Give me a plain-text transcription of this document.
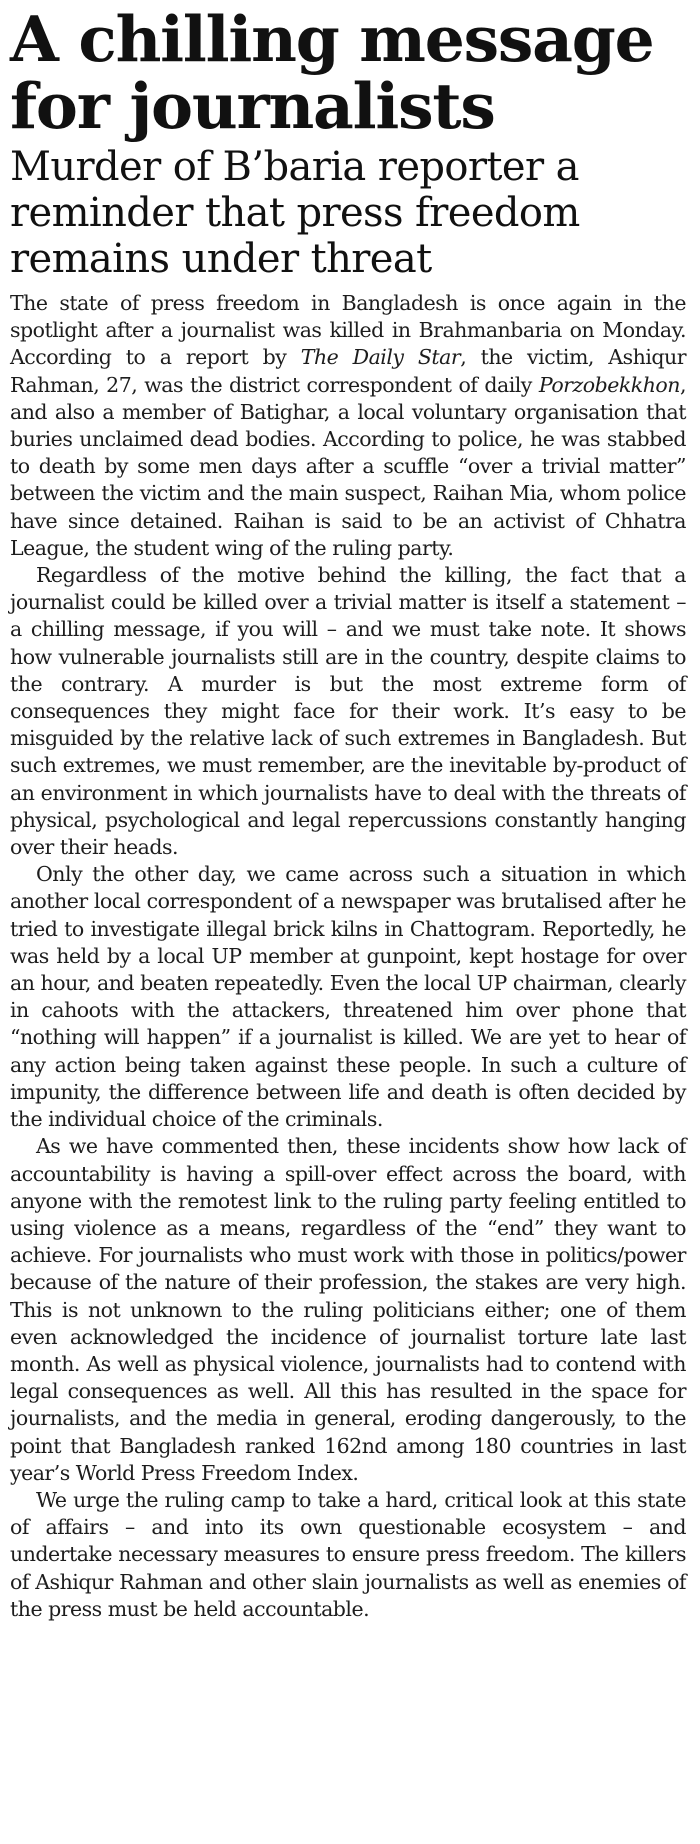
A chilling message for journalists
Murder of B’baria reporter a reminder that press freedom remains under threat

The state of press freedom in Bangladesh is once again in the spotlight after a journalist was killed in Brahmanbaria on Monday. According to a report by The Daily Star, the victim, Ashiqur Rahman, 27, was the district correspondent of daily Porzobekkhon, and also a member of Batighar, a local voluntary organisation that buries unclaimed dead bodies. According to police, he was stabbed to death by some men days after a scuffle “over a trivial matter” between the victim and the main suspect, Raihan Mia, whom police have since detained. Raihan is said to be an activist of Chhatra League, the student wing of the ruling party.

Regardless of the motive behind the killing, the fact that a journalist could be killed over a trivial matter is itself a statement – a chilling message, if you will – and we must take note. It shows how vulnerable journalists still are in the country, despite claims to the contrary. A murder is but the most extreme form of consequences they might face for their work. It’s easy to be misguided by the relative lack of such extremes in Bangladesh. But such extremes, we must remember, are the inevitable by-product of an environment in which journalists have to deal with the threats of physical, psychological and legal repercussions constantly hanging over their heads.

Only the other day, we came across such a situation in which another local correspondent of a newspaper was brutalised after he tried to investigate illegal brick kilns in Chattogram. Reportedly, he was held by a local UP member at gunpoint, kept hostage for over an hour, and beaten repeatedly. Even the local UP chairman, clearly in cahoots with the attackers, threatened him over phone that “nothing will happen” if a journalist is killed. We are yet to hear of any action being taken against these people. In such a culture of impunity, the difference between life and death is often decided by the individual choice of the criminals.

As we have commented then, these incidents show how lack of accountability is having a spill-over effect across the board, with anyone with the remotest link to the ruling party feeling entitled to using violence as a means, regardless of the “end” they want to achieve. For journalists who must work with those in politics/power because of the nature of their profession, the stakes are very high. This is not unknown to the ruling politicians either; one of them even acknowledged the incidence of journalist torture late last month. As well as physical violence, journalists had to contend with legal consequences as well. All this has resulted in the space for journalists, and the media in general, eroding dangerously, to the point that Bangladesh ranked 162nd among 180 countries in last year’s World Press Freedom Index.

We urge the ruling camp to take a hard, critical look at this state of affairs – and into its own questionable ecosystem – and undertake necessary measures to ensure press freedom. The killers of Ashiqur Rahman and other slain journalists as well as enemies of the press must be held accountable.
